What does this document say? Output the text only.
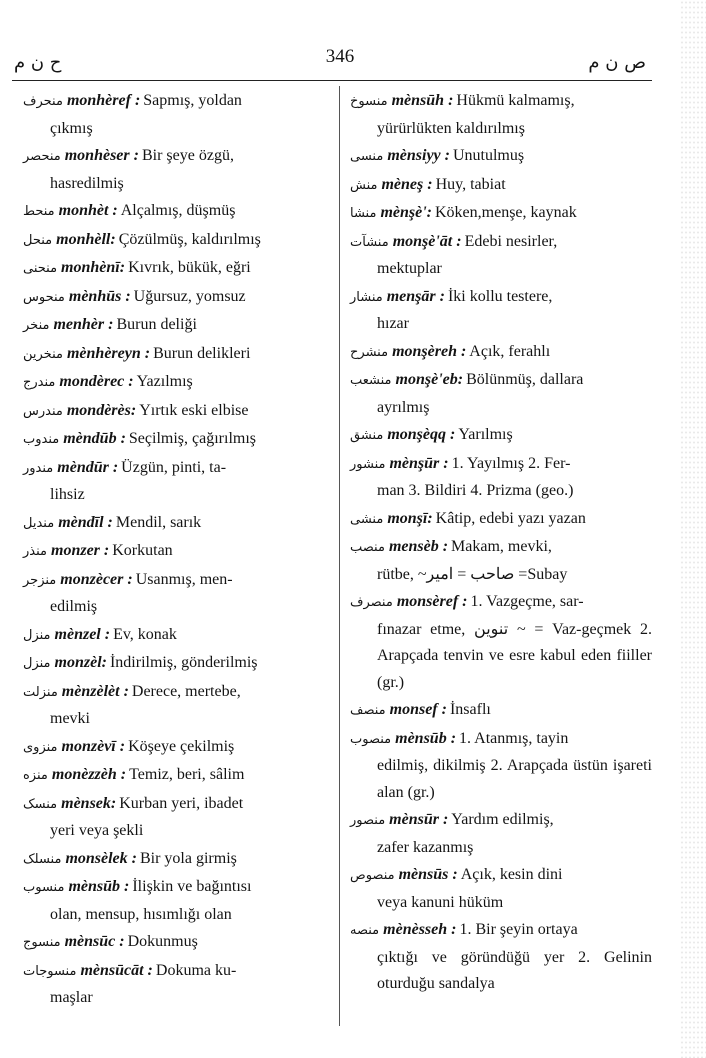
ح ن م	346	ص ن م
منحرف monhèref : Sapmış, yoldan
çıkmış
منحصر monhèser : Bir şeye özgü,
hasredilmiş
منحط monhèt : Alçalmış, düşmüş
منحل monhèll: Çözülmüş, kaldırılmış
منحنی monhènī: Kıvrık, bükük, eğri
منحوس mènhūs : Uğursuz, yomsuz
منخر menhèr : Burun deliği
منخرین mènhèreyn : Burun delikleri
مندرج mondèrec : Yazılmış
مندرس mondèrès: Yırtık eski elbise
مندوب mèndūb : Seçilmiş, çağırılmış
مندور mèndūr : Üzgün, pinti, ta-
lihsiz
منديل mèndīl : Mendil, sarık
منذر monzer : Korkutan
منزجر monzècer : Usanmış, men-
edilmiş
منزل mènzel : Ev, konak
منزل monzèl: İndirilmiş, gönderilmiş
منزلت mènzèlèt : Derece, mertebe,
mevki
منزوی monzèvī : Köşeye çekilmiş
منزه monèzzèh : Temiz, beri, sâlim
منسک mènsek: Kurban yeri, ibadet
yeri veya şekli
منسلک monsèlek : Bir yola girmiş
منسوب mènsūb : İlişkin ve bağıntısı
olan, mensup, hısımlığı olan
منسوج mènsūc : Dokunmuş
منسوجات mènsūcāt : Dokuma ku-
maşlar
منسوخ mènsūh : Hükmü kalmamış,
yürürlükten kaldırılmış
منسی mènsiyy : Unutulmuş
منش mèneş : Huy, tabiat
منشا mènşè': Köken,menşe, kaynak
منشآت monşè'āt : Edebi nesirler,
mektuplar
منشار menşār : İki kollu testere,
hızar
منشرح monşèreh : Açık, ferahlı
منشعب monşè'eb: Bölünmüş, dallara
ayrılmış
منشق monşèqq : Yarılmış
منشور mènşūr : 1. Yayılmış 2. Fer-
man 3. Bildiri 4. Prizma (geo.)
منشی monşī: Kâtip, edebi yazı yazan
منصب mensèb : Makam, mevki,
rütbe, ~صاحب = امير =Subay
منصرف monsèref : 1. Vazgeçme, sar-
fınazar etme, تنوين ~ = Vaz-geçmek 2. Arapçada tenvin ve esre kabul eden fiiller (gr.)
منصف monsef : İnsaflı
منصوب mènsūb : 1. Atanmış, tayin
edilmiş, dikilmiş 2. Arapçada üstün işareti alan (gr.)
منصور mènsūr : Yardım edilmiş,
zafer kazanmış
منصوص mènsūs : Açık, kesin dini
veya kanuni hüküm
منصه mènèsseh : 1. Bir şeyin ortaya
çıktığı ve göründüğü yer 2. Gelinin oturduğu sandalya
